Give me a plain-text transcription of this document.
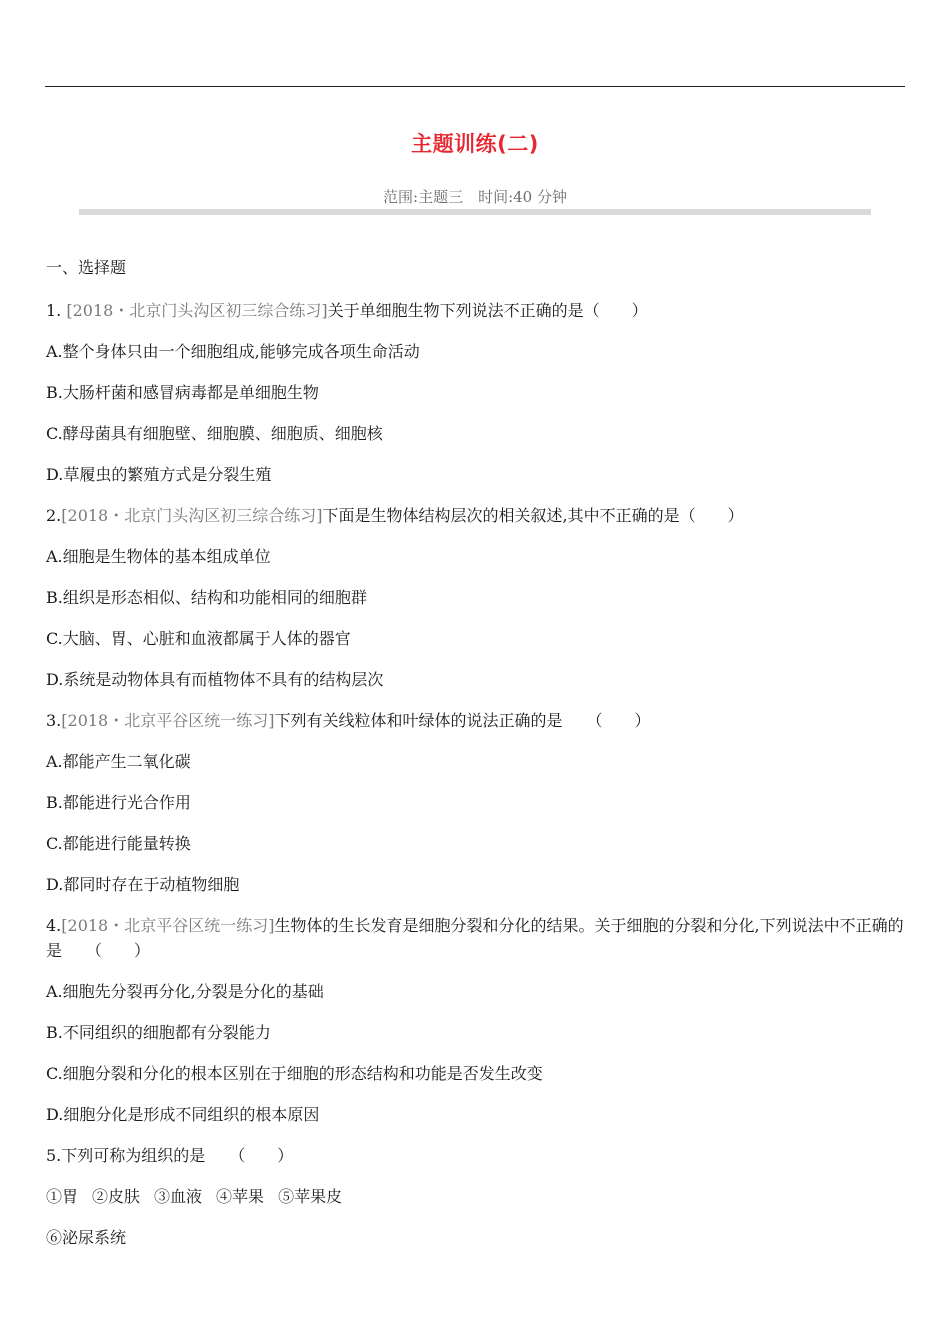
主题训练(二)
范围:主题三　时间:40 分钟
一、选择题
1. [2018・北京门头沟区初三综合练习]关于单细胞生物下列说法不正确的是（　　）
A.整个身体只由一个细胞组成,能够完成各项生命活动
B.大肠杆菌和感冒病毒都是单细胞生物
C.酵母菌具有细胞壁、细胞膜、细胞质、细胞核
D.草履虫的繁殖方式是分裂生殖
2.[2018・北京门头沟区初三综合练习]下面是生物体结构层次的相关叙述,其中不正确的是（　　）
A.细胞是生物体的基本组成单位
B.组织是形态相似、结构和功能相同的细胞群
C.大脑、胃、心脏和血液都属于人体的器官
D.系统是动物体具有而植物体不具有的结构层次
3.[2018・北京平谷区统一练习]下列有关线粒体和叶绿体的说法正确的是　　（　　）
A.都能产生二氧化碳
B.都能进行光合作用
C.都能进行能量转换
D.都同时存在于动植物细胞
4.[2018・北京平谷区统一练习]生物体的生长发育是细胞分裂和分化的结果。关于细胞的分裂和分化,下列说法中不正确的是　　（　　）
A.细胞先分裂再分化,分裂是分化的基础
B.不同组织的细胞都有分裂能力
C.细胞分裂和分化的根本区别在于细胞的形态结构和功能是否发生改变
D.细胞分化是形成不同组织的根本原因
5.下列可称为组织的是　　（　　）
①胃 ②皮肤 ③血液 ④苹果 ⑤苹果皮
⑥泌尿系统
